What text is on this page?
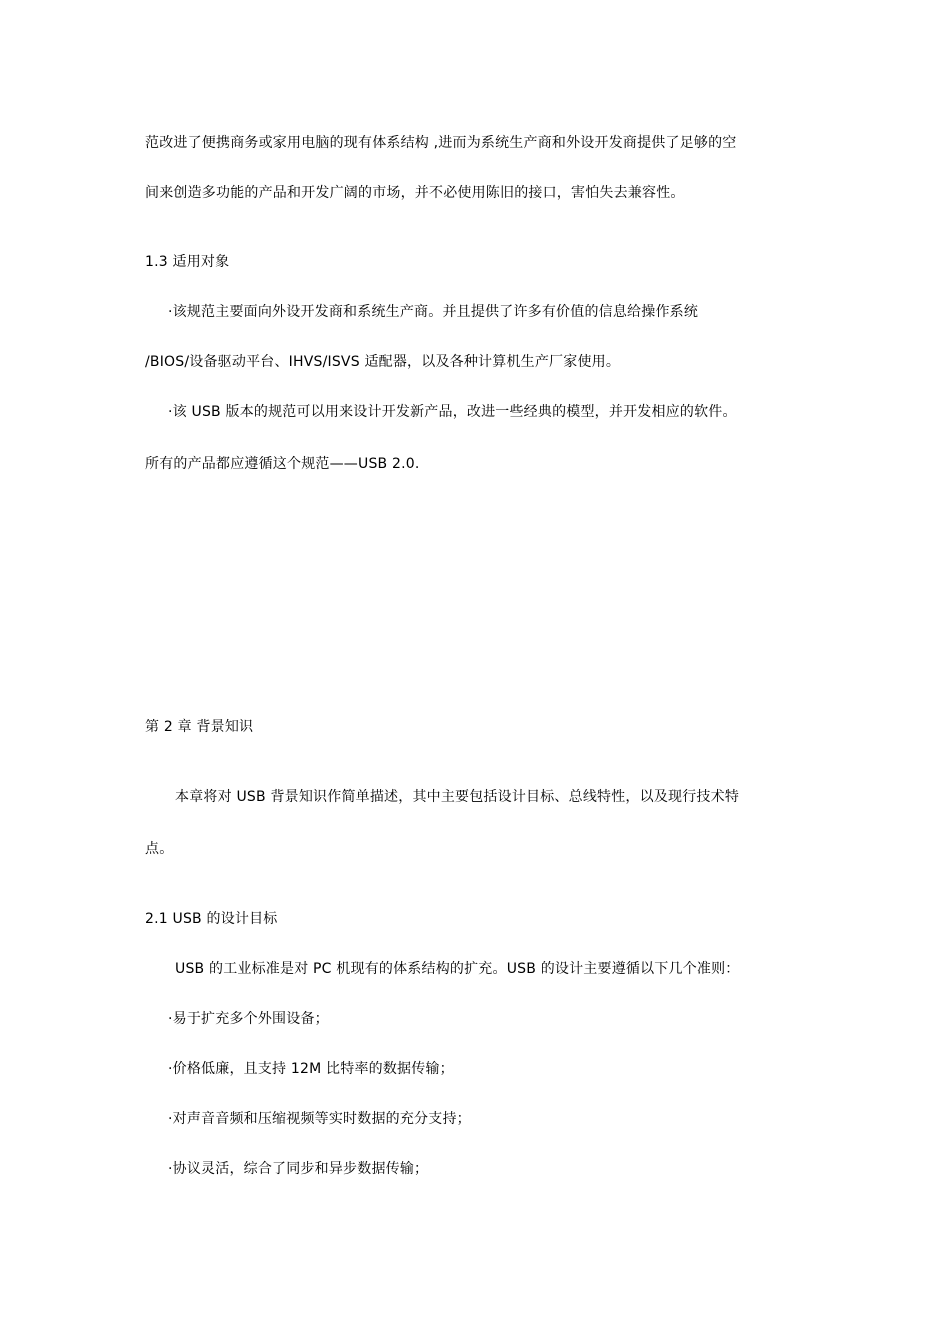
范改进了便携商务或家用电脑的现有体系结构 ,进而为系统生产商和外设开发商提供了足够的空
间来创造多功能的产品和开发广阔的市场，并不必使用陈旧的接口，害怕失去兼容性。
1.3 适用对象
·该规范主要面向外设开发商和系统生产商。并且提供了许多有价值的信息给操作系统
/BIOS/设备驱动平台、IHVS/ISVS 适配器，以及各种计算机生产厂家使用。
·该 USB 版本的规范可以用来设计开发新产品，改进一些经典的模型，并开发相应的软件。
所有的产品都应遵循这个规范——USB 2.0.
第 2 章 背景知识
本章将对 USB 背景知识作简单描述，其中主要包括设计目标、总线特性，以及现行技术特
点。
2.1 USB 的设计目标
USB 的工业标准是对 PC 机现有的体系结构的扩充。USB 的设计主要遵循以下几个准则：
·易于扩充多个外围设备；
·价格低廉，且支持 12M 比特率的数据传输；
·对声音音频和压缩视频等实时数据的充分支持；
·协议灵活，综合了同步和异步数据传输；
